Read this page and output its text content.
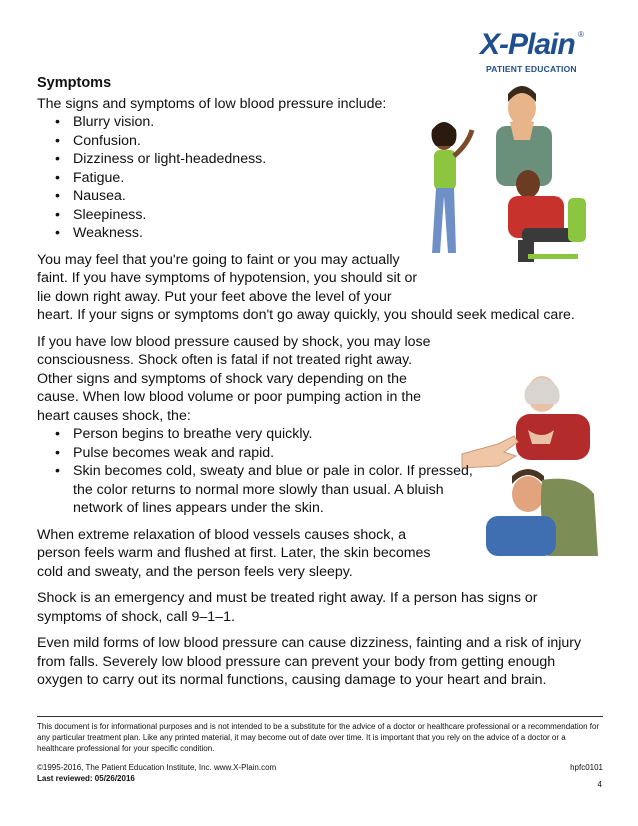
X-Plain ®
PATIENT EDUCATION

Symptoms

The signs and symptoms of low blood pressure include:

• Blurry vision.
• Confusion.
• Dizziness or light-headedness.
• Fatigue.
• Nausea.
• Sleepiness.
• Weakness.

You may feel that you're going to faint or you may actually faint. If you have symptoms of hypotension, you should sit or lie down right away. Put your feet above the level of your heart. If your signs or symptoms don't go away quickly, you should seek medical care.

If you have low blood pressure caused by shock, you may lose consciousness. Shock often is fatal if not treated right away. Other signs and symptoms of shock vary depending on the cause. When low blood volume or poor pumping action in the heart causes shock, the:

• Person begins to breathe very quickly.
• Pulse becomes weak and rapid.
• Skin becomes cold, sweaty and blue or pale in color. If pressed, the color returns to normal more slowly than usual. A bluish network of lines appears under the skin.

When extreme relaxation of blood vessels causes shock, a person feels warm and flushed at first. Later, the skin becomes cold and sweaty, and the person feels very sleepy.

Shock is an emergency and must be treated right away. If a person has signs or symptoms of shock, call 9–1–1.

Even mild forms of low blood pressure can cause dizziness, fainting and a risk of injury from falls. Severely low blood pressure can prevent your body from getting enough oxygen to carry out its normal functions, causing damage to your heart and brain.

This document is for informational purposes and is not intended to be a substitute for the advice of a doctor or healthcare professional or a recommendation for any particular treatment plan. Like any printed material, it may become out of date over time. It is important that you rely on the advice of a doctor or a healthcare professional for your specific condition.
©1995-2016, The Patient Education Institute, Inc. www.X-Plain.com	hpfc0101
Last reviewed: 05/26/2016
4
